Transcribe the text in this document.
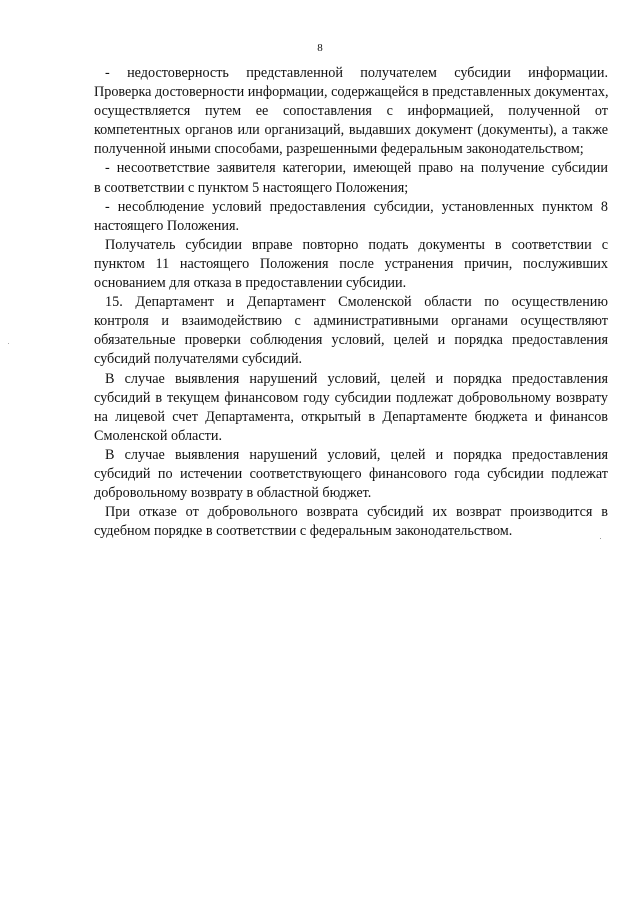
8

- недостоверность представленной получателем субсидии информации.
Проверка достоверности информации, содержащейся в представленных документах,
осуществляется путем ее сопоставления с информацией, полученной от
компетентных органов или организаций, выдавших документ (документы), а также
полученной иными способами, разрешенными федеральным законодательством;

- несоответствие заявителя категории, имеющей право на получение субсидии
в соответствии с пунктом 5 настоящего Положения;

- несоблюдение условий предоставления субсидии, установленных пунктом 8
настоящего Положения.

Получатель субсидии вправе повторно подать документы в соответствии с
пунктом 11 настоящего Положения после устранения причин, послуживших
основанием для отказа в предоставлении субсидии.

15. Департамент и Департамент Смоленской области по осуществлению
контроля и взаимодействию с административными органами осуществляют
обязательные проверки соблюдения условий, целей и порядка предоставления
субсидий получателями субсидий.

В случае выявления нарушений условий, целей и порядка предоставления
субсидий в текущем финансовом году субсидии подлежат добровольному возврату
на лицевой счет Департамента, открытый в Департаменте бюджета и финансов
Смоленской области.

В случае выявления нарушений условий, целей и порядка предоставления
субсидий по истечении соответствующего финансового года субсидии подлежат
добровольному возврату в областной бюджет.

При отказе от добровольного возврата субсидий их возврат производится в
судебном порядке в соответствии с федеральным законодательством.
